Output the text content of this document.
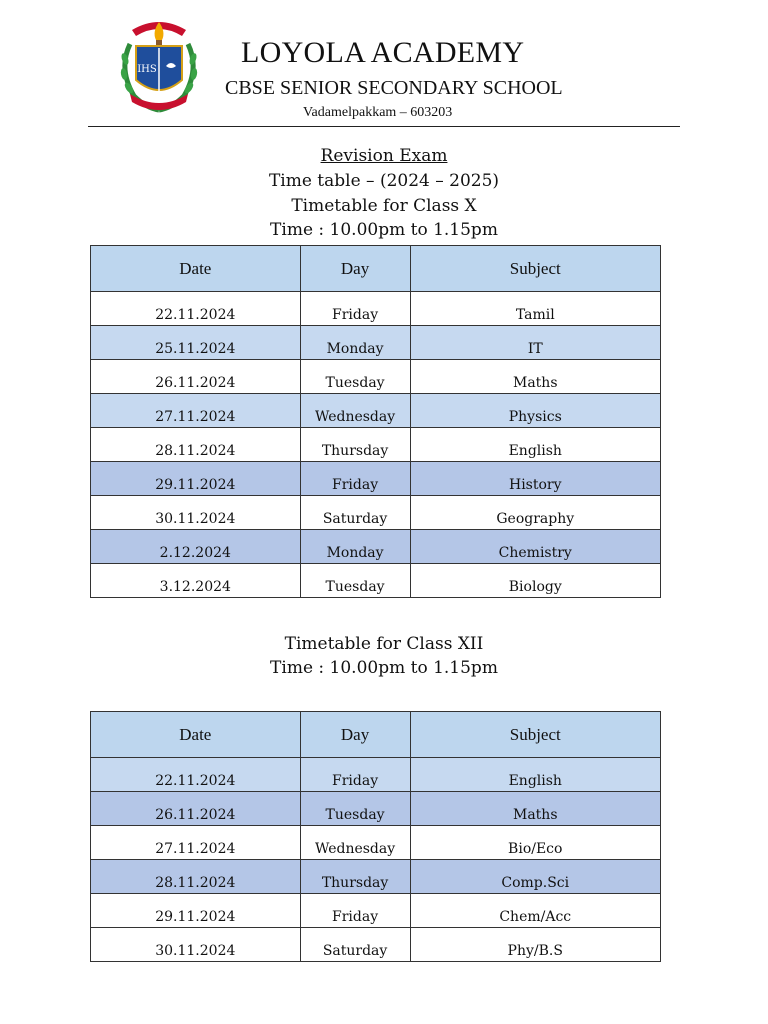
IHS
LOYOLA ACADEMY
CBSE SENIOR SECONDARY SCHOOL
Vadamelpakkam – 603203
Revision Exam
Time table – (2024 – 2025)
Timetable for Class X
Time : 10.00pm to 1.15pm
Date	Day	Subject
22.11.2024	Friday	Tamil
25.11.2024	Monday	IT
26.11.2024	Tuesday	Maths
27.11.2024	Wednesday	Physics
28.11.2024	Thursday	English
29.11.2024	Friday	History
30.11.2024	Saturday	Geography
2.12.2024	Monday	Chemistry
3.12.2024	Tuesday	Biology
Timetable for Class XII
Time : 10.00pm to 1.15pm
Date	Day	Subject
22.11.2024	Friday	English
26.11.2024	Tuesday	Maths
27.11.2024	Wednesday	Bio/Eco
28.11.2024	Thursday	Comp.Sci
29.11.2024	Friday	Chem/Acc
30.11.2024	Saturday	Phy/B.S
